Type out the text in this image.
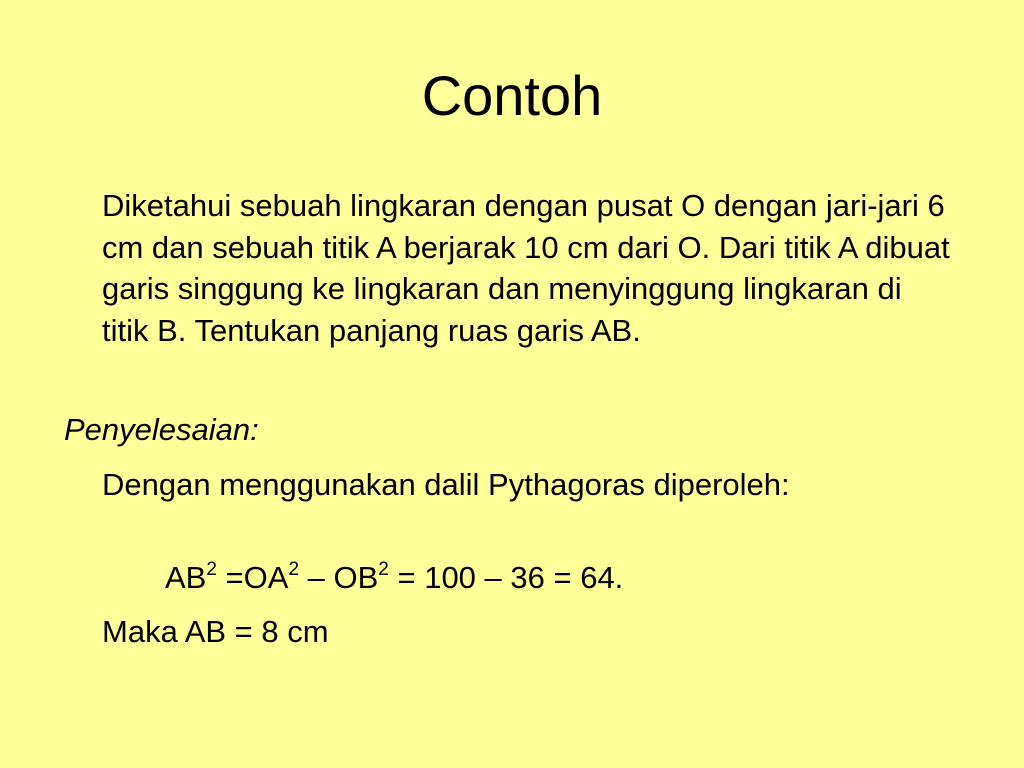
Contoh

Diketahui sebuah lingkaran dengan pusat O dengan jari-jari 6 cm dan sebuah titik A berjarak 10 cm dari O. Dari titik A dibuat garis singgung ke lingkaran dan menyinggung lingkaran di titik B. Tentukan panjang ruas garis AB.

Penyelesaian:

Dengan menggunakan dalil Pythagoras diperoleh:

$AB^2 =OA^2 - OB^2 = 100 - 36 = 64$.

Maka AB = 8 cm
